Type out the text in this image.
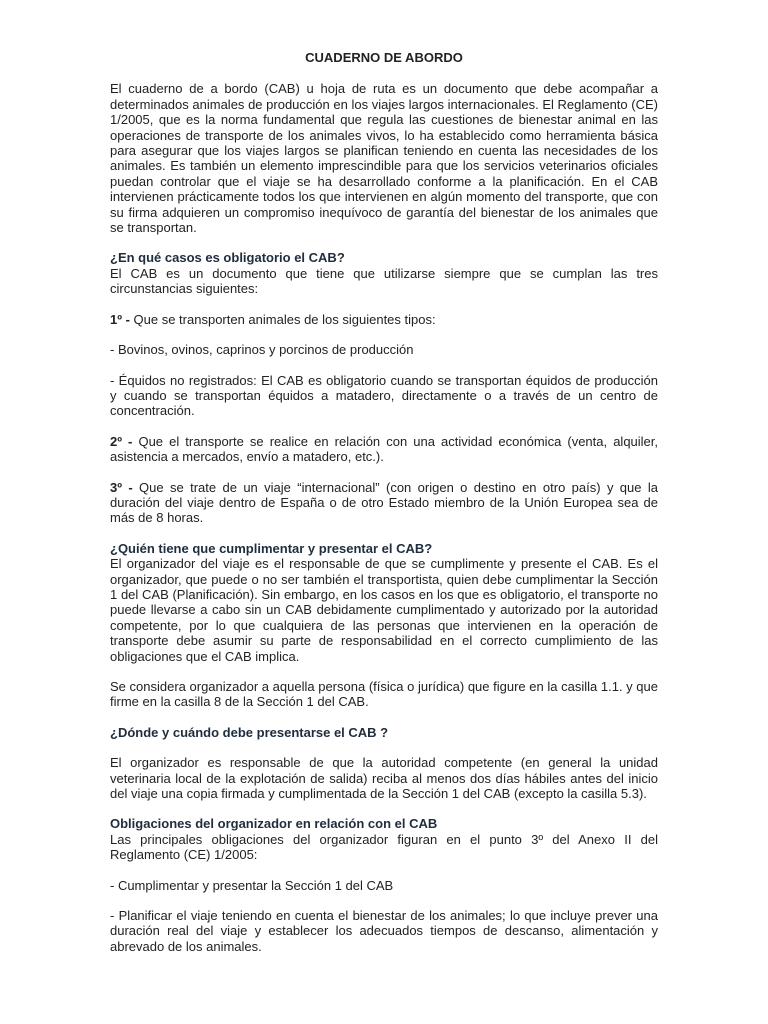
CUADERNO DE ABORDO

El cuaderno de a bordo (CAB) u hoja de ruta es un documento que debe acompañar a determinados animales de producción en los viajes largos internacionales. El Reglamento (CE) 1/2005, que es la norma fundamental que regula las cuestiones de bienestar animal en las operaciones de transporte de los animales vivos, lo ha establecido como herramienta básica para asegurar que los viajes largos se planifican teniendo en cuenta las necesidades de los animales. Es también un elemento imprescindible para que los servicios veterinarios oficiales puedan controlar que el viaje se ha desarrollado conforme a la planificación. En el CAB intervienen prácticamente todos los que intervienen en algún momento del transporte, que con su firma adquieren un compromiso inequívoco de garantía del bienestar de los animales que se transportan.

¿En qué casos es obligatorio el CAB?

El CAB es un documento que tiene que utilizarse siempre que se cumplan las tres circunstancias siguientes:

1º - Que se transporten animales de los siguientes tipos:

- Bovinos, ovinos, caprinos y porcinos de producción

- Équidos no registrados: El CAB es obligatorio cuando se transportan équidos de producción y cuando se transportan équidos a matadero, directamente o a través de un centro de concentración.

2º - Que el transporte se realice en relación con una actividad económica (venta, alquiler, asistencia a mercados, envío a matadero, etc.).

3º - Que se trate de un viaje “internacional” (con origen o destino en otro país) y que la duración del viaje dentro de España o de otro Estado miembro de la Unión Europea sea de más de 8 horas.

¿Quién tiene que cumplimentar y presentar el CAB?

El organizador del viaje es el responsable de que se cumplimente y presente el CAB. Es el organizador, que puede o no ser también el transportista, quien debe cumplimentar la Sección 1 del CAB (Planificación). Sin embargo, en los casos en los que es obligatorio, el transporte no puede llevarse a cabo sin un CAB debidamente cumplimentado y autorizado por la autoridad competente, por lo que cualquiera de las personas que intervienen en la operación de transporte debe asumir su parte de responsabilidad en el correcto cumplimiento de las obligaciones que el CAB implica.

Se considera organizador a aquella persona (física o jurídica) que figure en la casilla 1.1. y que firme en la casilla 8 de la Sección 1 del CAB.

¿Dónde y cuándo debe presentarse el CAB ?

El organizador es responsable de que la autoridad competente (en general la unidad veterinaria local de la explotación de salida) reciba al menos dos días hábiles antes del inicio del viaje una copia firmada y cumplimentada de la Sección 1 del CAB (excepto la casilla 5.3).

Obligaciones del organizador en relación con el CAB

Las principales obligaciones del organizador figuran en el punto 3º del Anexo II del Reglamento (CE) 1/2005:

- Cumplimentar y presentar la Sección 1 del CAB

- Planificar el viaje teniendo en cuenta el bienestar de los animales; lo que incluye prever una duración real del viaje y establecer los adecuados tiempos de descanso, alimentación y abrevado de los animales.
